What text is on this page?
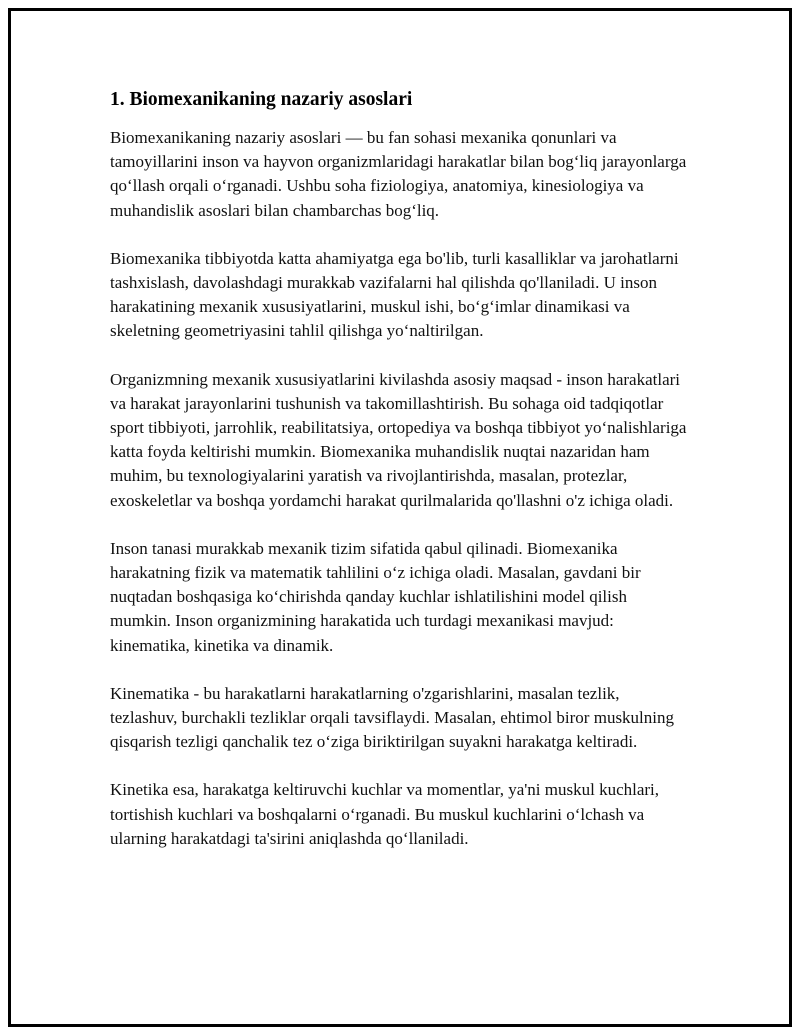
1. Biomexanikaning nazariy asoslari

Biomexanikaning nazariy asoslari — bu fan sohasi mexanika qonunlari va tamoyillarini inson va hayvon organizmlaridagi harakatlar bilan bog‘liq jarayonlarga qo‘llash orqali o‘rganadi. Ushbu soha fiziologiya, anatomiya, kinesiologiya va muhandislik asoslari bilan chambarchas bog‘liq.

Biomexanika tibbiyotda katta ahamiyatga ega bo'lib, turli kasalliklar va jarohatlarni tashxislash, davolashdagi murakkab vazifalarni hal qilishda qo'llaniladi. U inson harakatining mexanik xususiyatlarini, muskul ishi, bo‘g‘imlar dinamikasi va skeletning geometriyasini tahlil qilishga yo‘naltirilgan.

Organizmning mexanik xususiyatlarini kivilashda asosiy maqsad - inson harakatlari va harakat jarayonlarini tushunish va takomillashtirish. Bu sohaga oid tadqiqotlar sport tibbiyoti, jarrohlik, reabilitatsiya, ortopediya va boshqa tibbiyot yo‘nalishlariga katta foyda keltirishi mumkin. Biomexanika muhandislik nuqtai nazaridan ham muhim, bu texnologiyalarini yaratish va rivojlantirishda, masalan, protezlar, exoskeletlar va boshqa yordamchi harakat qurilmalarida qo'llashni o'z ichiga oladi.

Inson tanasi murakkab mexanik tizim sifatida qabul qilinadi. Biomexanika harakatning fizik va matematik tahlilini o‘z ichiga oladi. Masalan, gavdani bir nuqtadan boshqasiga ko‘chirishda qanday kuchlar ishlatilishini model qilish mumkin. Inson organizmining harakatida uch turdagi mexanikasi mavjud: kinematika, kinetika va dinamik.

Kinematika - bu harakatlarni harakatlarning o'zgarishlarini, masalan tezlik, tezlashuv, burchakli tezliklar orqali tavsiflaydi. Masalan, ehtimol biror muskulning qisqarish tezligi qanchalik tez o‘ziga biriktirilgan suyakni harakatga keltiradi.

Kinetika esa, harakatga keltiruvchi kuchlar va momentlar, ya'ni muskul kuchlari, tortishish kuchlari va boshqalarni o‘rganadi. Bu muskul kuchlarini o‘lchash va ularning harakatdagi ta'sirini aniqlashda qo‘llaniladi.
